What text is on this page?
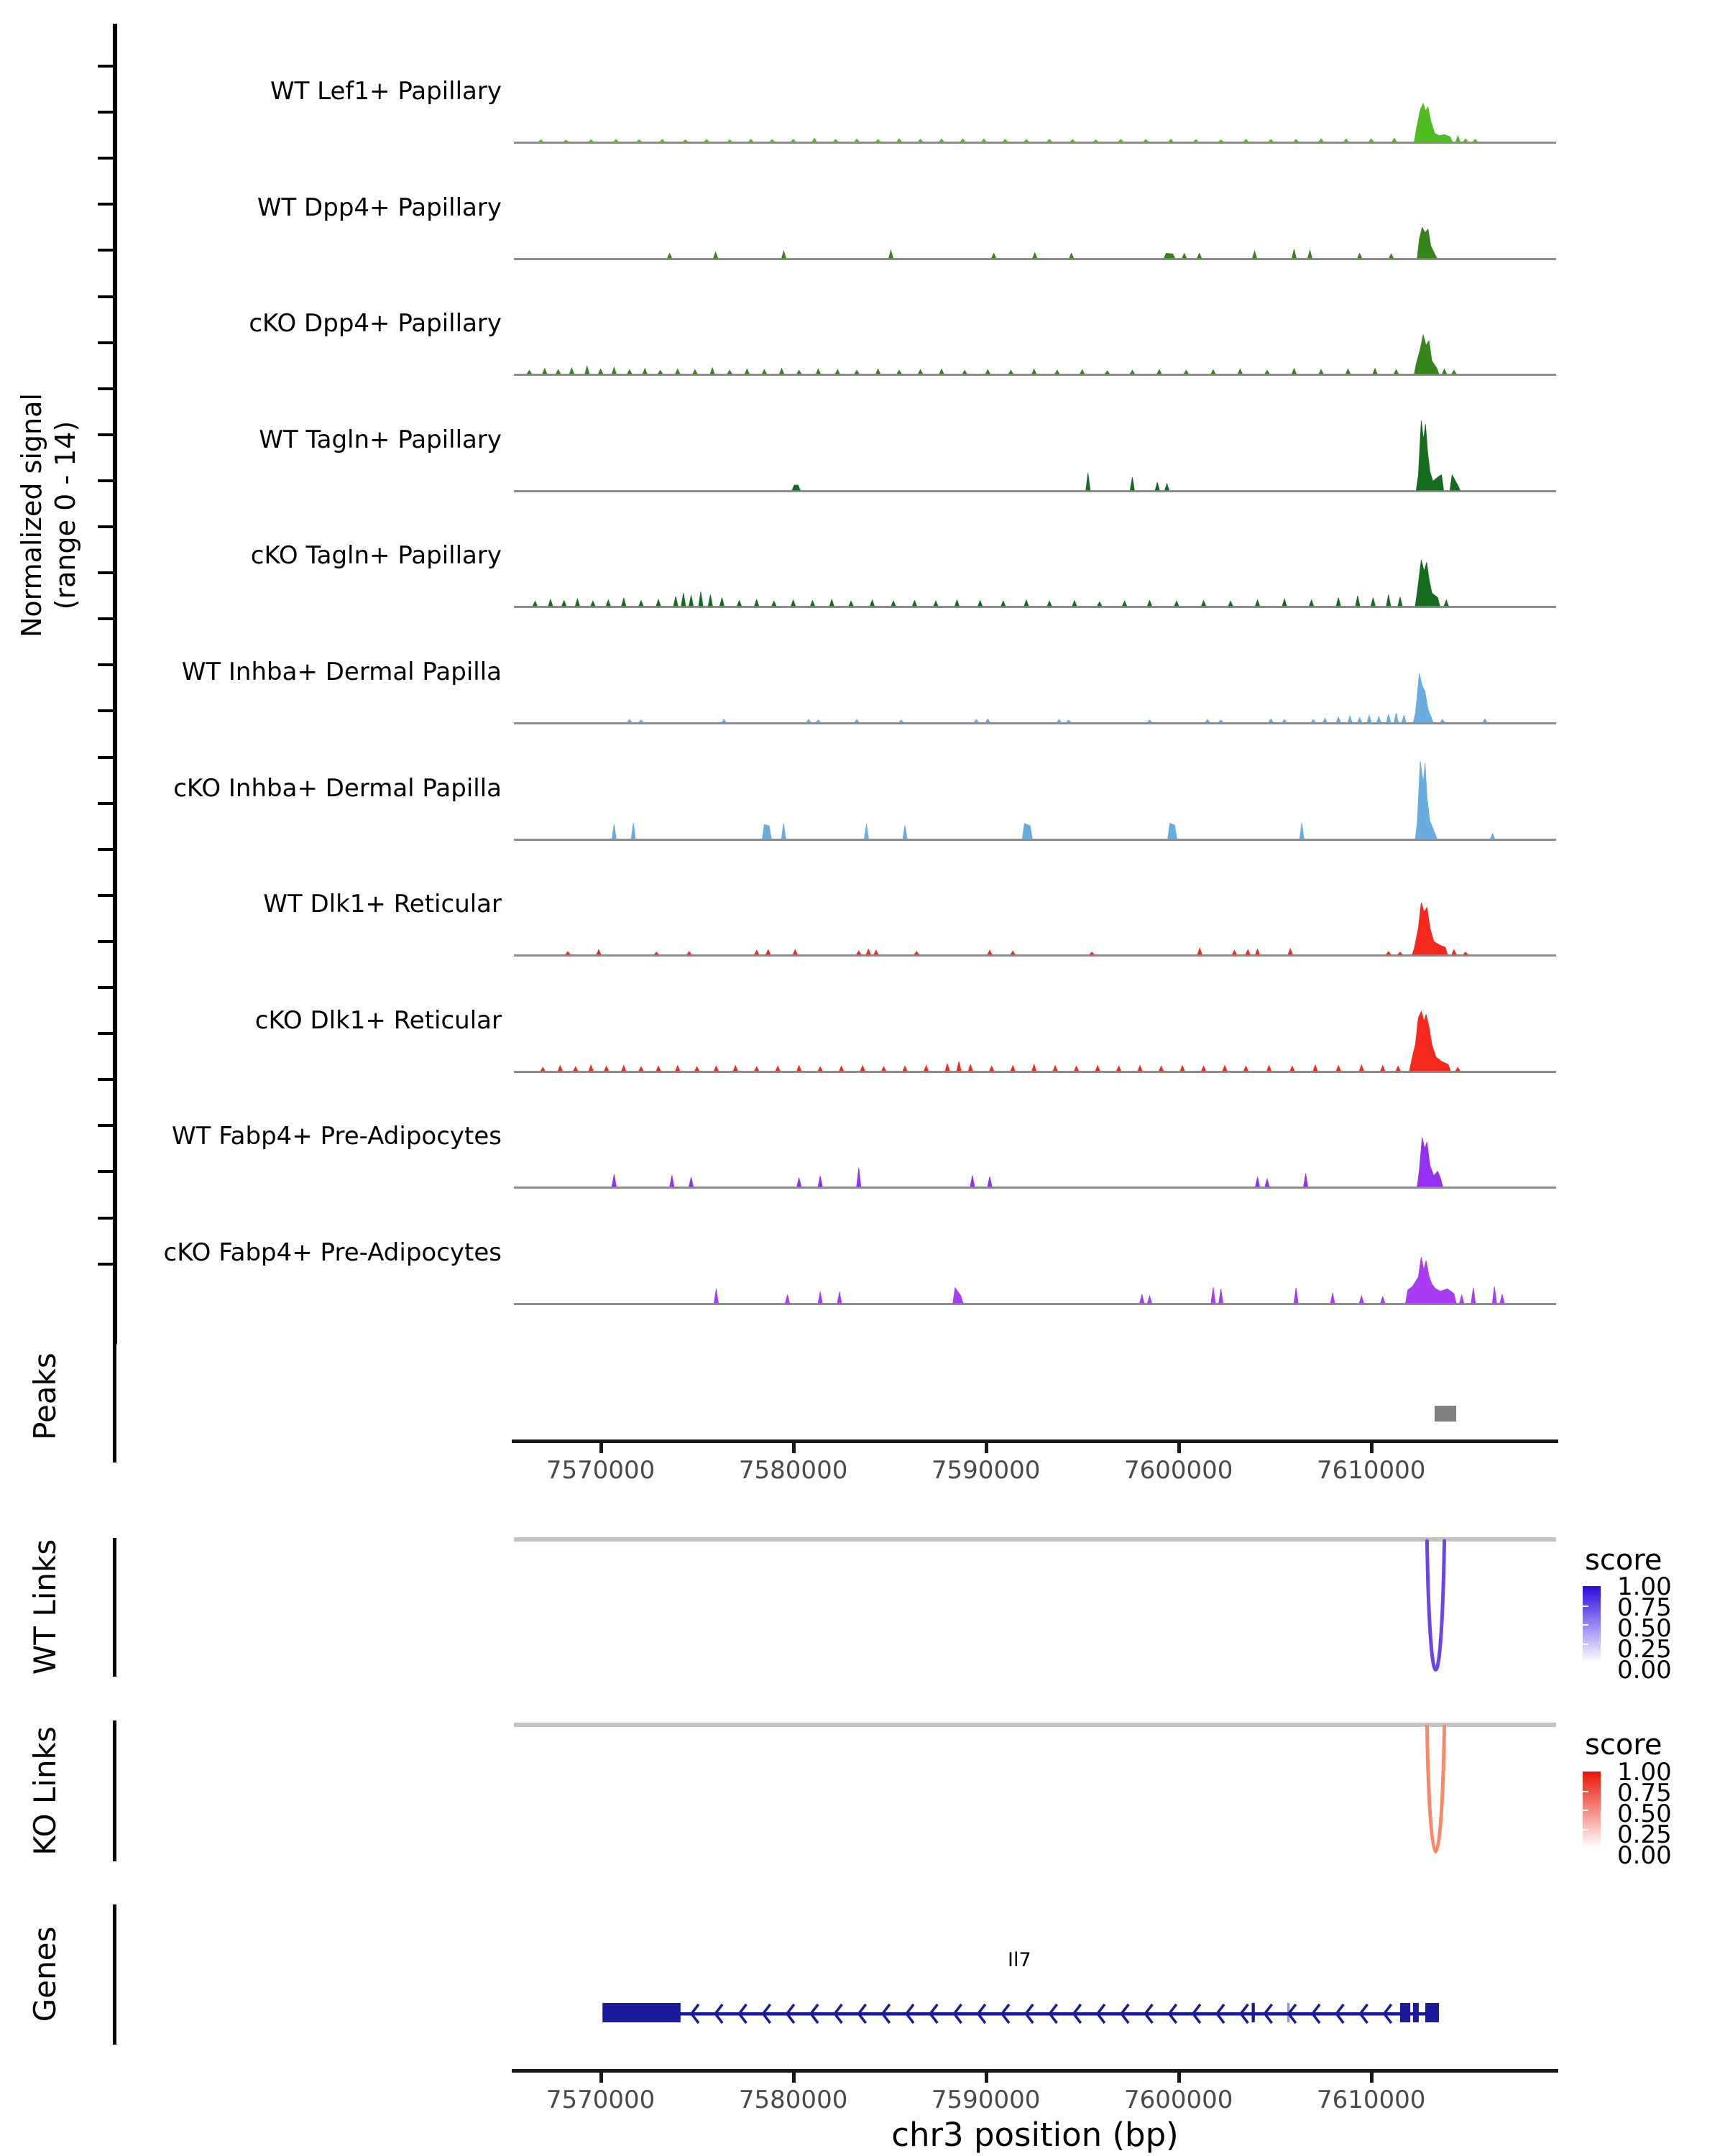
Normalized signal (range 0 - 14)
WT Lef1+ Papillary
WT Dpp4+ Papillary
cKO Dpp4+ Papillary
WT Tagln+ Papillary
cKO Tagln+ Papillary
WT Inhba+ Dermal Papilla
cKO Inhba+ Dermal Papilla
WT Dlk1+ Reticular
cKO Dlk1+ Reticular
WT Fabp4+ Pre-Adipocytes
cKO Fabp4+ Pre-Adipocytes
Peaks
7570000	7580000	7590000	7600000	7610000
WT Links	score
KO Links	score
1.00
0.75
0.50
0.25
0.00
1.00
0.75
0.50
0.25
0.00
Genes	Il7
7570000	7580000	7590000	7600000	7610000
chr3 position (bp)
